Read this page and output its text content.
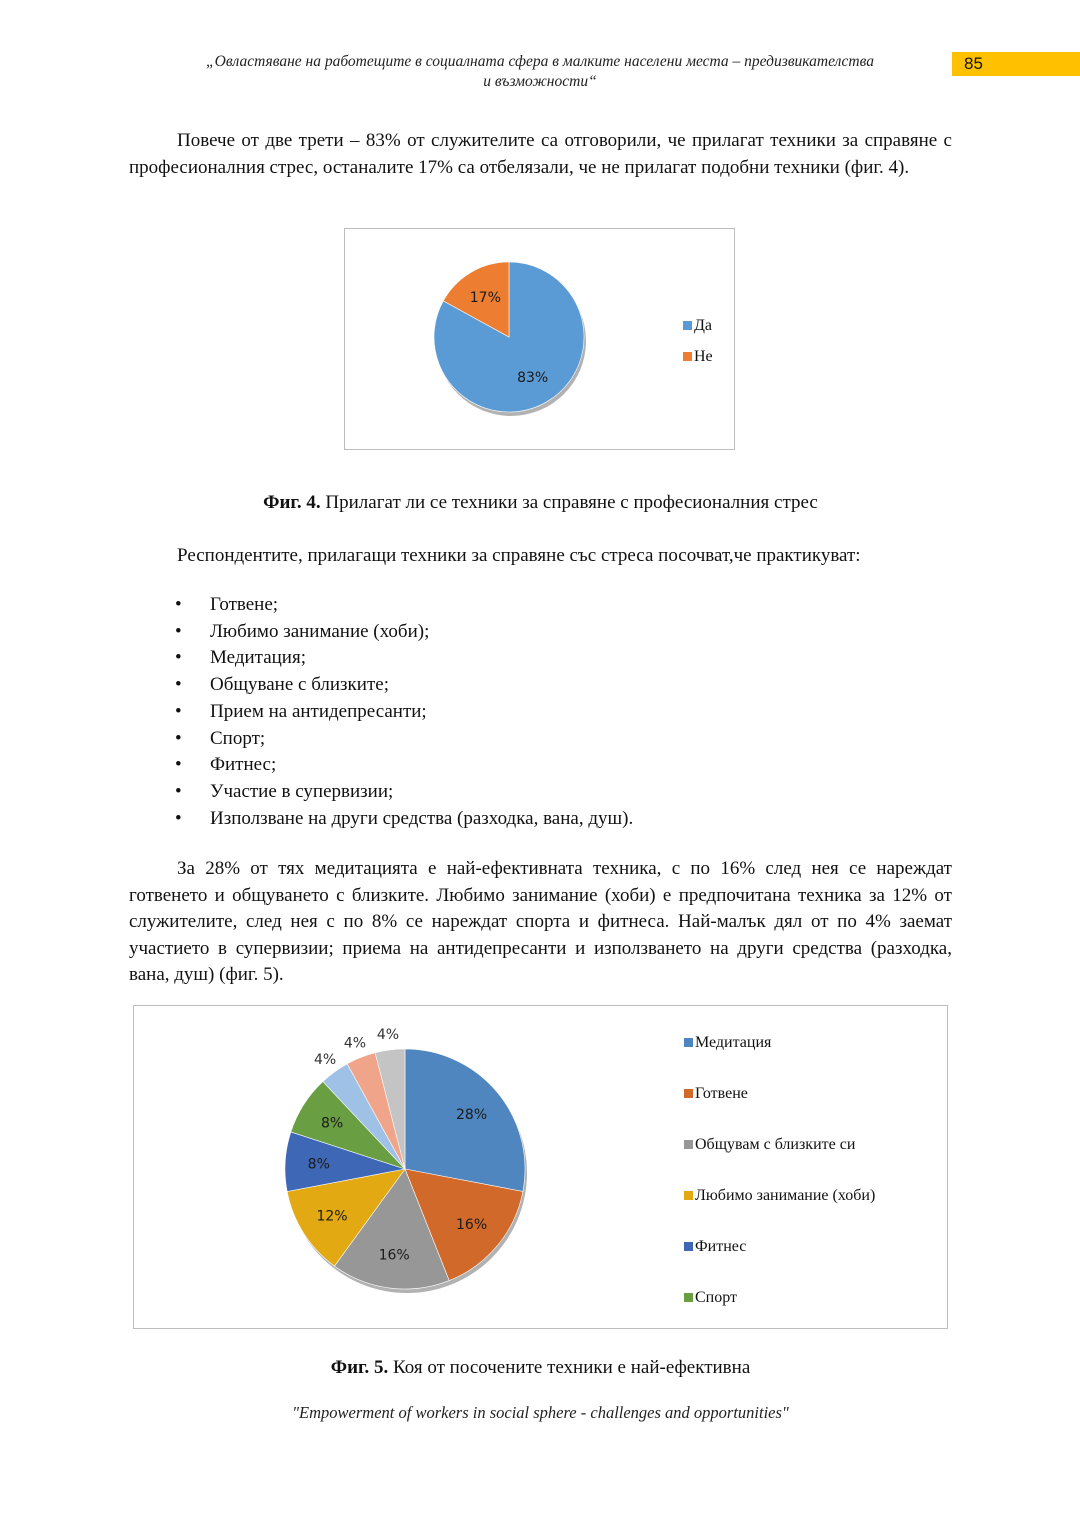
„Овластяване на работещите в социалната сфера в малките населени места – предизвикателства
и възможности“
85

Повече от две трети – 83% от служителите са отговорили, че прилагат техники за справяне с професионалния стрес, останалите 17% са отбелязали, че не прилагат подобни техники (фиг. 4).

83%
17%
Да
Не
Фиг. 4. Прилагат ли се техники за справяне с професионалния стрес

Респондентите, прилагащи техники за справяне със стреса посочват,че практикуват:

• Готвене;
• Любимо занимание (хоби);
• Медитация;
• Общуване с близките;
• Прием на антидепресанти;
• Спорт;
• Фитнес;
• Участие в супервизии;
• Използване на други средства (разходка, вана, душ).

За 28% от тях медитацията е най-ефективната техника, с по 16% след нея се нареждат готвенето и общуването с близките. Любимо занимание (хоби) е предпочитана техника за 12% от служителите, след нея с по 8% се нареждат спорта и фитнеса. Най-малък дял от по 4% заемат участието в супервизии; приема на антидепресанти и използването на други средства (разходка, вана, душ) (фиг. 5).

28%
16%
16%
12%
8%
8%
4%
4%
4%	Медитация
Готвене
Общувам с близките си
Любимо занимание (хоби)
Фитнес
Спорт
Фиг. 5. Коя от посочените техники е най-ефективна
"Empowerment of workers in social sphere - challenges and opportunities"
